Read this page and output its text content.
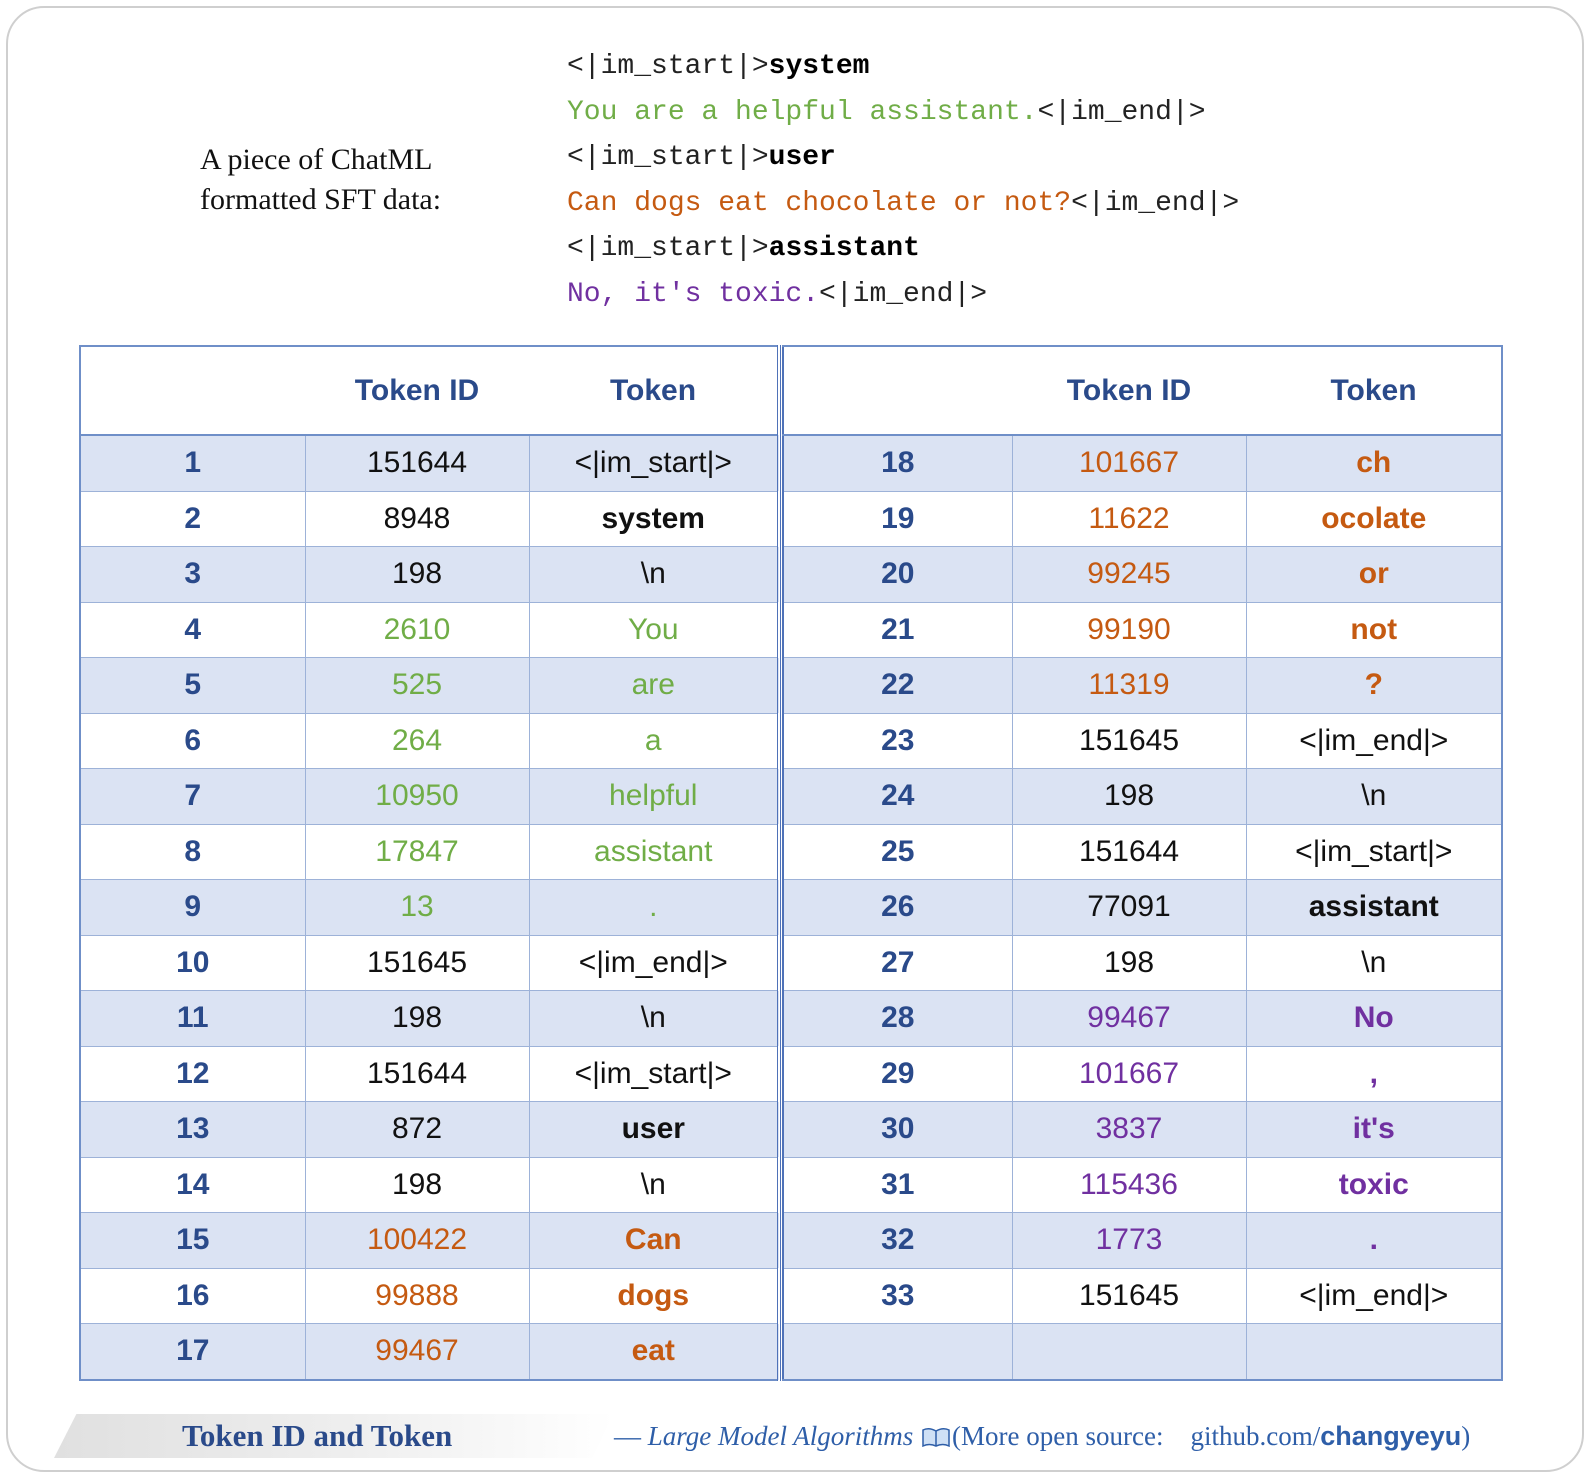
A piece of ChatML
formatted SFT data:
<|im_start|>system
You are a helpful assistant.<|im_end|>
<|im_start|>user
Can dogs eat chocolate or not?<|im_end|>
<|im_start|>assistant
No, it's toxic.<|im_end|>
	Token ID	Token
1	151644	<|im_start|>
2	8948	system
3	198	\n
4	2610	You
5	525	are
6	264	a
7	10950	helpful
8	17847	assistant
9	13	.
10	151645	<|im_end|>
11	198	\n
12	151644	<|im_start|>
13	872	user
14	198	\n
15	100422	Can
16	99888	dogs
17	99467	eat
	Token ID	Token
18	101667	ch
19	11622	ocolate
20	99245	or
21	99190	not
22	11319	?
23	151645	<|im_end|>
24	198	\n
25	151644	<|im_start|>
26	77091	assistant
27	198	\n
28	99467	No
29	101667	,
30	3837	it's
31	115436	toxic
32	1773	.
33	151645	<|im_end|>

Token ID and Token	— Large Model Algorithms (More open source: github.com/changyeyu)
